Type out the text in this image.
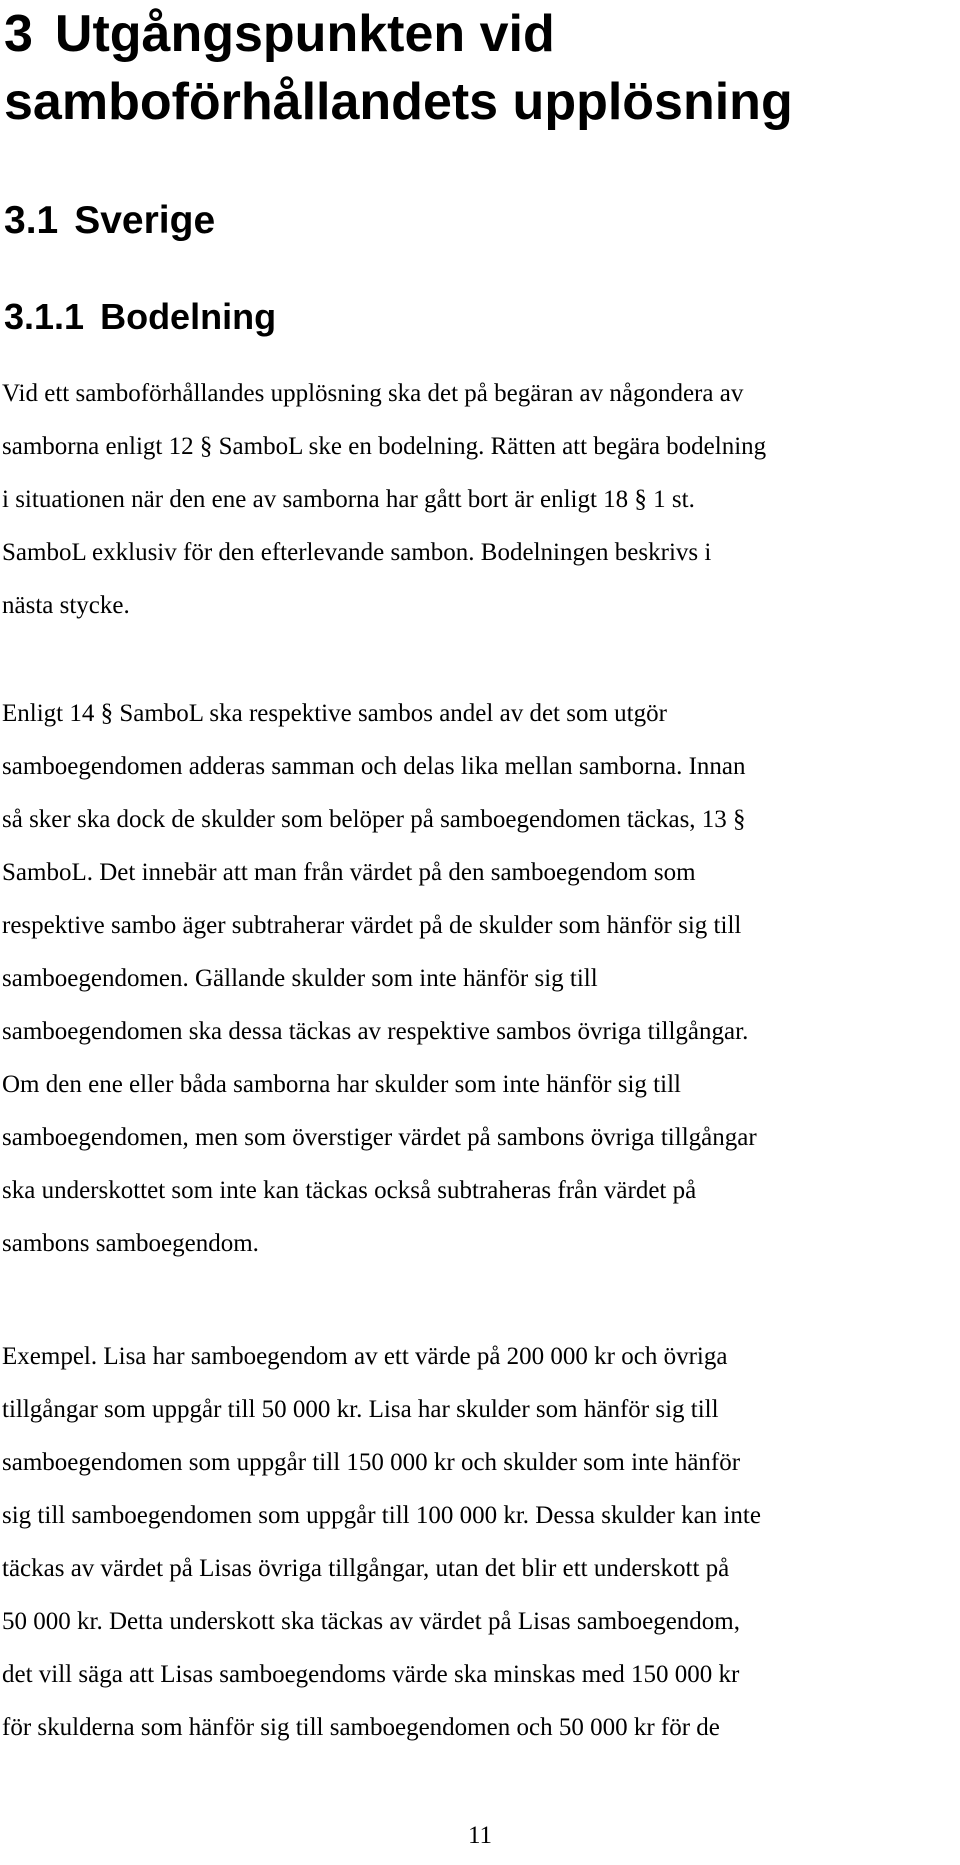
3 Utgångspunkten vid
samboförhållandets upplösning
3.1 Sverige
3.1.1 Bodelning

Vid ett samboförhållandes upplösning ska det på begäran av någondera av
samborna enligt 12 § SamboL ske en bodelning. Rätten att begära bodelning
i situationen när den ene av samborna har gått bort är enligt 18 § 1 st.
SamboL exklusiv för den efterlevande sambon. Bodelningen beskrivs i
nästa stycke.

Enligt 14 § SamboL ska respektive sambos andel av det som utgör
samboegendomen adderas samman och delas lika mellan samborna. Innan
så sker ska dock de skulder som belöper på samboegendomen täckas, 13 §
SamboL. Det innebär att man från värdet på den samboegendom som
respektive sambo äger subtraherar värdet på de skulder som hänför sig till
samboegendomen. Gällande skulder som inte hänför sig till
samboegendomen ska dessa täckas av respektive sambos övriga tillgångar.
Om den ene eller båda samborna har skulder som inte hänför sig till
samboegendomen, men som överstiger värdet på sambons övriga tillgångar
ska underskottet som inte kan täckas också subtraheras från värdet på
sambons samboegendom.

Exempel. Lisa har samboegendom av ett värde på 200 000 kr och övriga
tillgångar som uppgår till 50 000 kr. Lisa har skulder som hänför sig till
samboegendomen som uppgår till 150 000 kr och skulder som inte hänför
sig till samboegendomen som uppgår till 100 000 kr. Dessa skulder kan inte
täckas av värdet på Lisas övriga tillgångar, utan det blir ett underskott på
50 000 kr. Detta underskott ska täckas av värdet på Lisas samboegendom,
det vill säga att Lisas samboegendoms värde ska minskas med 150 000 kr
för skulderna som hänför sig till samboegendomen och 50 000 kr för de

11
